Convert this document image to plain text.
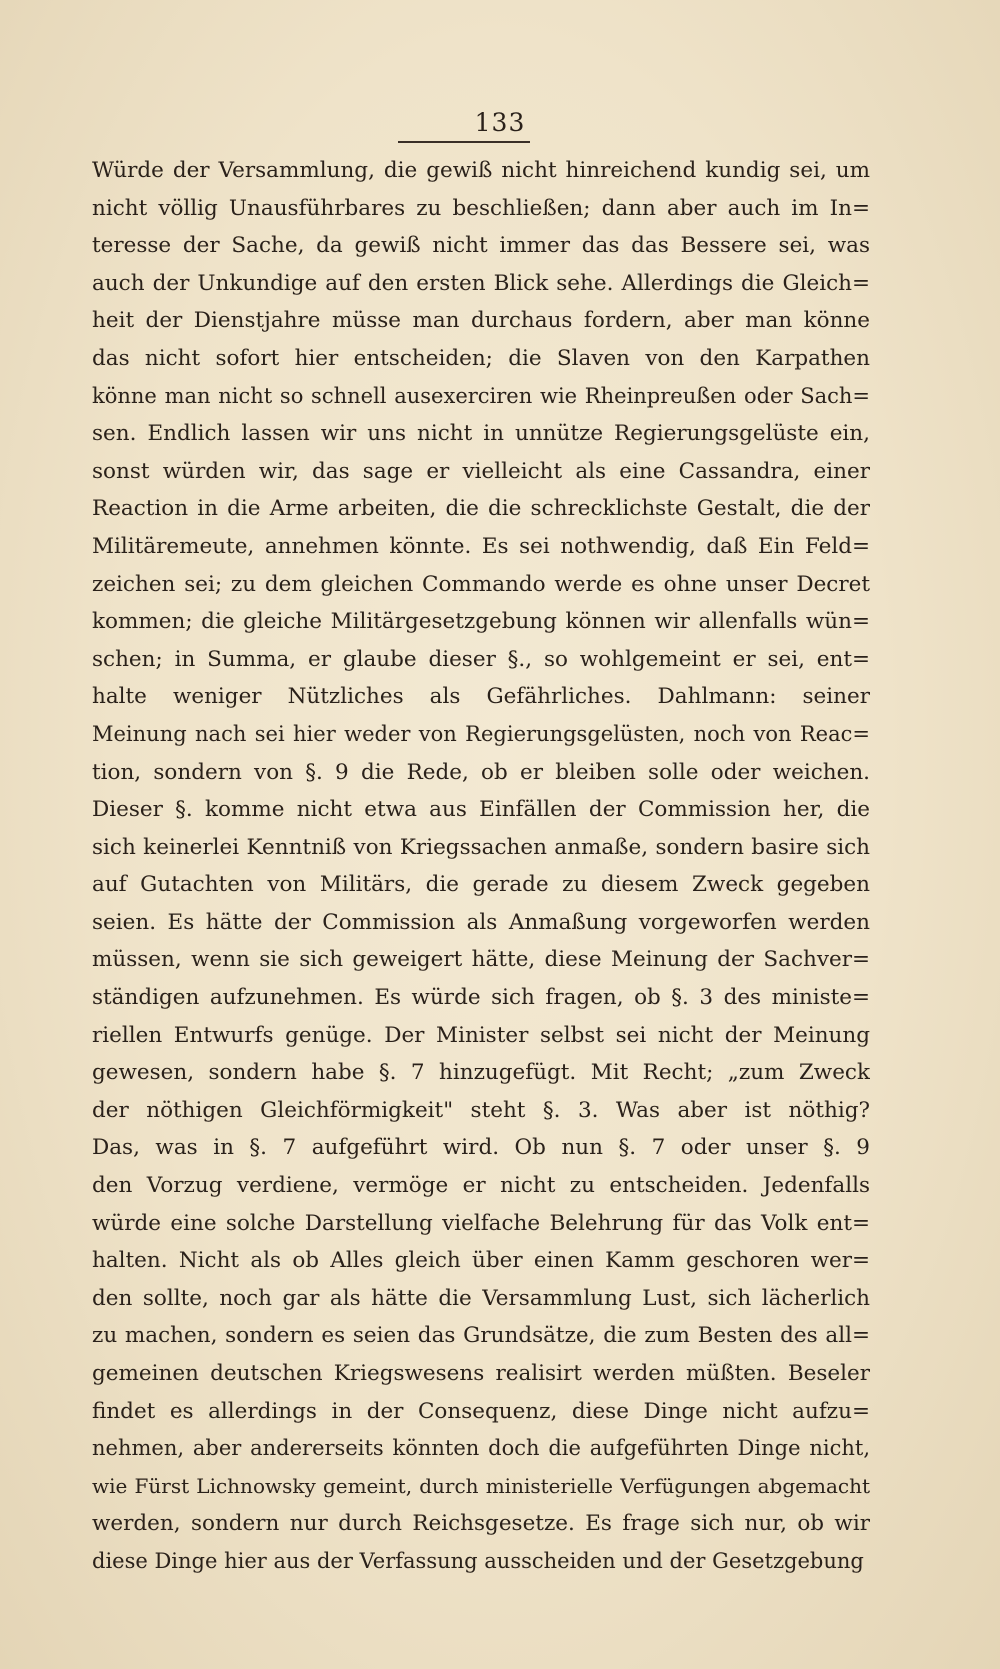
133
Würde der Versammlung, die gewiß nicht hinreichend kundig sei, um
nicht völlig Unausführbares zu beschließen; dann aber auch im In=
teresse der Sache, da gewiß nicht immer das das Bessere sei, was
auch der Unkundige auf den ersten Blick sehe. Allerdings die Gleich=
heit der Dienstjahre müsse man durchaus fordern, aber man könne
das nicht sofort hier entscheiden; die Slaven von den Karpathen
könne man nicht so schnell ausexerciren wie Rheinpreußen oder Sach=
sen. Endlich lassen wir uns nicht in unnütze Regierungsgelüste ein,
sonst würden wir, das sage er vielleicht als eine Cassandra, einer
Reaction in die Arme arbeiten, die die schrecklichste Gestalt, die der
Militäremeute, annehmen könnte. Es sei nothwendig, daß Ein Feld=
zeichen sei; zu dem gleichen Commando werde es ohne unser Decret
kommen; die gleiche Militärgesetzgebung können wir allenfalls wün=
schen; in Summa, er glaube dieser §., so wohlgemeint er sei, ent=
halte weniger Nützliches als Gefährliches. Dahlmann: seiner
Meinung nach sei hier weder von Regierungsgelüsten, noch von Reac=
tion, sondern von §. 9 die Rede, ob er bleiben solle oder weichen.
Dieser §. komme nicht etwa aus Einfällen der Commission her, die
sich keinerlei Kenntniß von Kriegssachen anmaße, sondern basire sich
auf Gutachten von Militärs, die gerade zu diesem Zweck gegeben
seien. Es hätte der Commission als Anmaßung vorgeworfen werden
müssen, wenn sie sich geweigert hätte, diese Meinung der Sachver=
ständigen aufzunehmen. Es würde sich fragen, ob §. 3 des ministe=
riellen Entwurfs genüge. Der Minister selbst sei nicht der Meinung
gewesen, sondern habe §. 7 hinzugefügt. Mit Recht; „zum Zweck
der nöthigen Gleichförmigkeit" steht §. 3. Was aber ist nöthig?
Das, was in §. 7 aufgeführt wird. Ob nun §. 7 oder unser §. 9
den Vorzug verdiene, vermöge er nicht zu entscheiden. Jedenfalls
würde eine solche Darstellung vielfache Belehrung für das Volk ent=
halten. Nicht als ob Alles gleich über einen Kamm geschoren wer=
den sollte, noch gar als hätte die Versammlung Lust, sich lächerlich
zu machen, sondern es seien das Grundsätze, die zum Besten des all=
gemeinen deutschen Kriegswesens realisirt werden müßten. Beseler
findet es allerdings in der Consequenz, diese Dinge nicht aufzu=
nehmen, aber andererseits könnten doch die aufgeführten Dinge nicht,
wie Fürst Lichnowsky gemeint, durch ministerielle Verfügungen abgemacht
werden, sondern nur durch Reichsgesetze. Es frage sich nur, ob wir
diese Dinge hier aus der Verfassung ausscheiden und der Gesetzgebung
